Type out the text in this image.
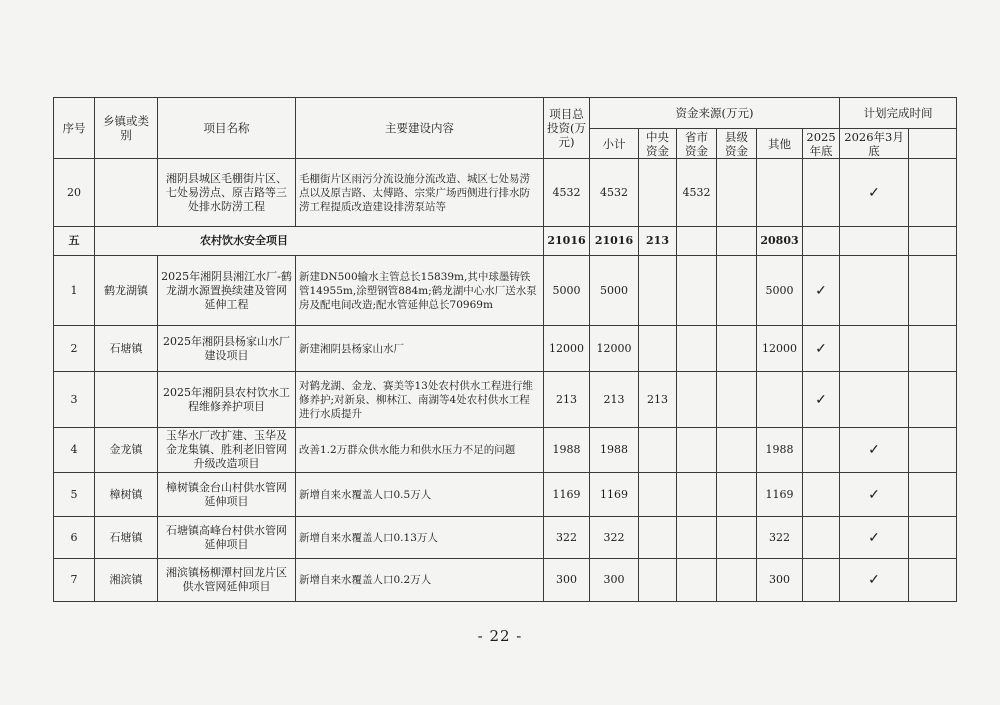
序号	乡镇或类别	项目名称	主要建设内容	项目总投资(万元)	资金来源(万元)						计划完成时间	
					小计	中央资金	省市资金	县级资金	其他	2025年底	2026年3月底		
20		湘阴县城区毛棚街片区、七处易涝点、原吉路等三处排水防涝工程	毛棚街片区雨污分流设施分流改造、城区七处易涝点以及原吉路、太傅路、宗棠广场西侧进行排水防涝工程提质改造建设排涝泵站等	4532	4532		4532				✓		
五	农村饮水安全项目			21016	21016	213			20803				
1	鹤龙湖镇	2025年湘阴县湘江水厂-鹤龙湖水源置换续建及管网延伸工程	新建DN500输水主管总长15839m,其中球墨铸铁管14955m,涂塑钢管884m;鹤龙湖中心水厂送水泵房及配电间改造;配水管延伸总长70969m	5000	5000				5000	✓			
2	石塘镇	2025年湘阴县杨家山水厂建设项目	新建湘阴县杨家山水厂	12000	12000				12000	✓			
3		2025年湘阴县农村饮水工程维修养护项目	对鹤龙湖、金龙、赛美等13处农村供水工程进行维修养护;对新泉、柳林江、南湖等4处农村供水工程进行水质提升	213	213	213				✓			
4	金龙镇	玉华水厂改扩建、玉华及金龙集镇、胜利老旧管网升级改造项目	改善1.2万群众供水能力和供水压力不足的问题	1988	1988				1988		✓		
5	樟树镇	樟树镇金台山村供水管网延伸项目	新增自来水覆盖人口0.5万人	1169	1169				1169		✓		
6	石塘镇	石塘镇高峰台村供水管网延伸项目	新增自来水覆盖人口0.13万人	322	322				322		✓		
7	湘滨镇	湘滨镇杨柳潭村回龙片区供水管网延伸项目	新增自来水覆盖人口0.2万人	300	300				300		✓		
- 22 -
